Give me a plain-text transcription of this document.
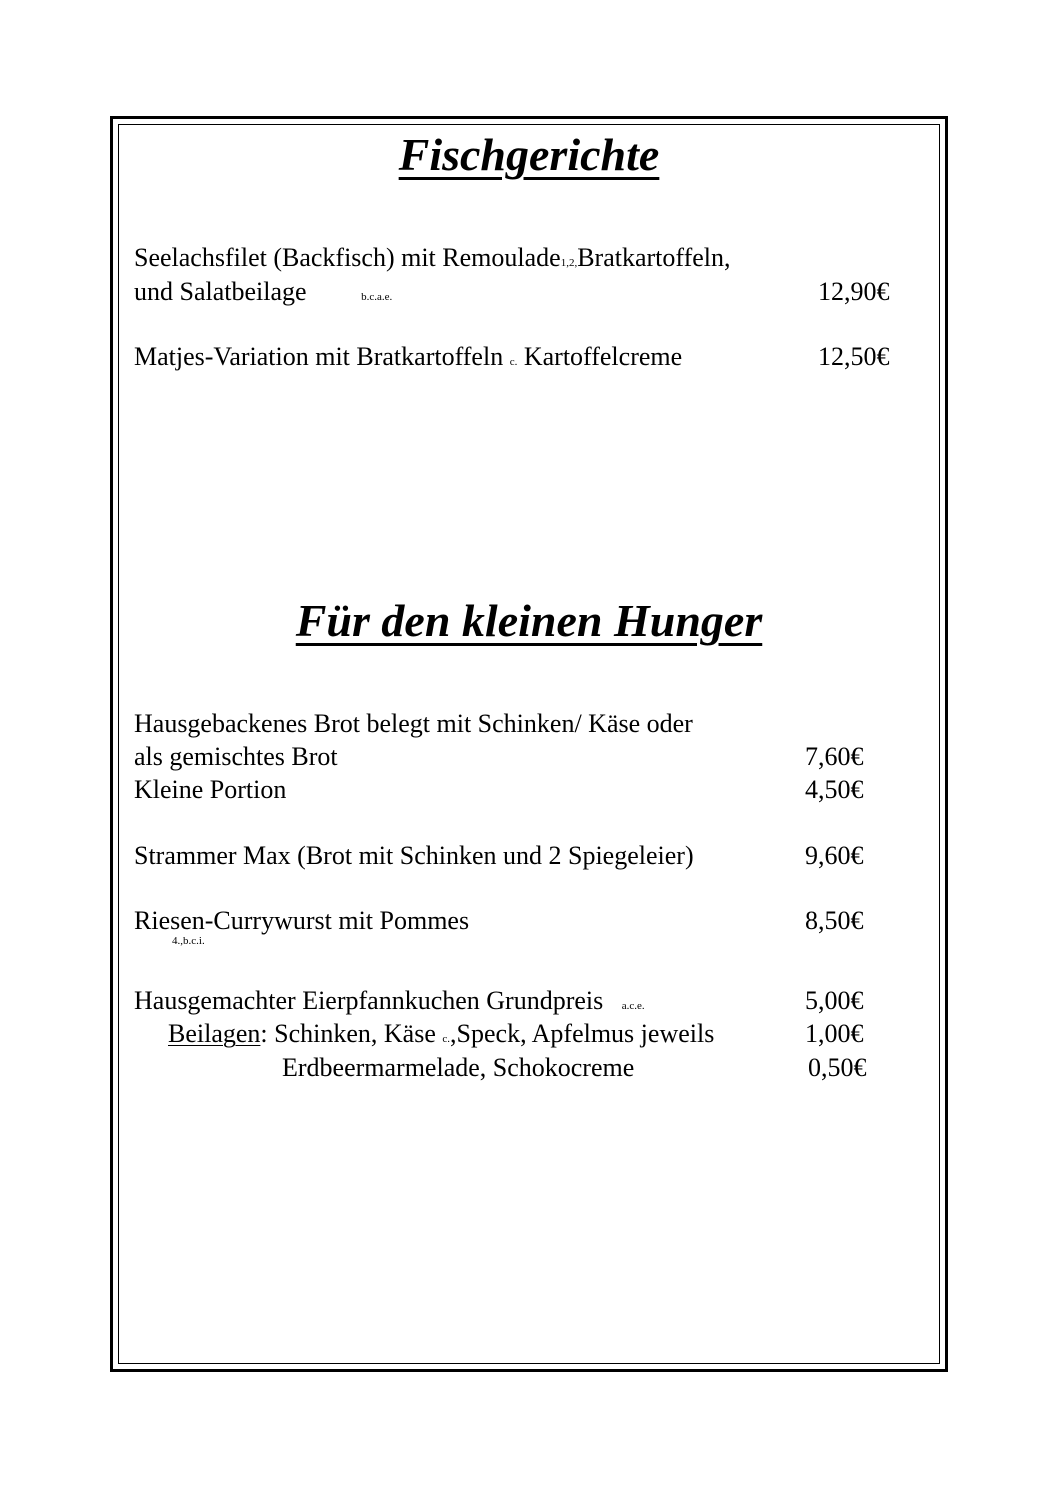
Fischgerichte
Seelachsfilet (Backfisch) mit Remoulade1,2,Bratkartoffeln,
und Salatbeilage	b.c.a.e.	12,90€
Matjes-Variation mit Bratkartoffeln c. Kartoffelcreme	12,50€
Für den kleinen Hunger
Hausgebackenes Brot belegt mit Schinken/ Käse oder
als gemischtes Brot	7,60€
Kleine Portion	4,50€
Strammer Max (Brot mit Schinken und 2 Spiegeleier)	9,60€
Riesen-Currywurst mit Pommes	8,50€
4.,b.c.i.
Hausgemachter Eierpfannkuchen Grundpreis a.c.e.	5,00€
Beilagen: Schinken, Käse c.,Speck, Apfelmus jeweils	1,00€
Erdbeermarmelade, Schokocreme	0,50€
